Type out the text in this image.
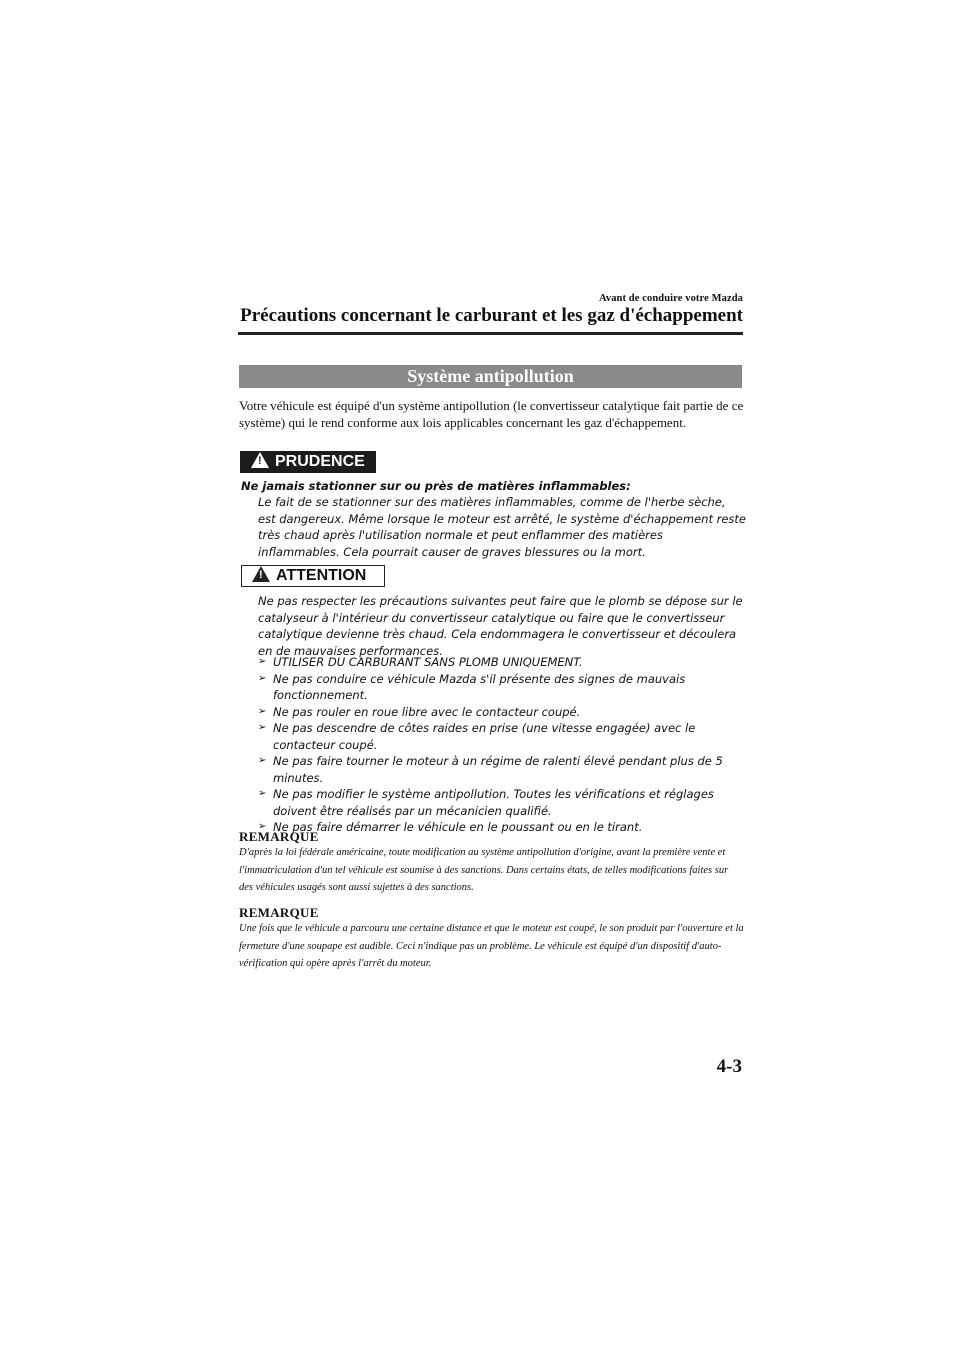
Avant de conduire votre Mazda
Précautions concernant le carburant et les gaz d'échappement
Système antipollution
Votre véhicule est équipé d'un système antipollution (le convertisseur catalytique fait partie de ce système) qui le rend conforme aux lois applicables concernant les gaz d'échappement.
! PRUDENCE
Ne jamais stationner sur ou près de matières inflammables:
Le fait de se stationner sur des matières inflammables, comme de l'herbe sèche, est dangereux. Même lorsque le moteur est arrêté, le système d'échappement reste très chaud après l'utilisation normale et peut enflammer des matières inflammables. Cela pourrait causer de graves blessures ou la mort.
! ATTENTION
Ne pas respecter les précautions suivantes peut faire que le plomb se dépose sur le catalyseur à l'intérieur du convertisseur catalytique ou faire que le convertisseur catalytique devienne très chaud. Cela endommagera le convertisseur et découlera en de mauvaises performances.
➢ UTILISER DU CARBURANT SANS PLOMB UNIQUEMENT.
➢ Ne pas conduire ce véhicule Mazda s'il présente des signes de mauvais fonctionnement.
➢ Ne pas rouler en roue libre avec le contacteur coupé.
➢ Ne pas descendre de côtes raides en prise (une vitesse engagée) avec le contacteur coupé.
➢ Ne pas faire tourner le moteur à un régime de ralenti élevé pendant plus de 5 minutes.
➢ Ne pas modifier le système antipollution. Toutes les vérifications et réglages doivent être réalisés par un mécanicien qualifié.
➢ Ne pas faire démarrer le véhicule en le poussant ou en le tirant.
REMARQUE
D'après la loi fédérale américaine, toute modification au système antipollution d'origine, avant la première vente et l'immatriculation d'un tel véhicule est soumise à des sanctions. Dans certains états, de telles modifications faites sur des véhicules usagés sont aussi sujettes à des sanctions.
REMARQUE
Une fois que le véhicule a parcouru une certaine distance et que le moteur est coupé, le son produit par l'ouverture et la fermeture d'une soupape est audible. Ceci n'indique pas un problème. Le véhicule est équipé d'un dispositif d'auto-vérification qui opère après l'arrêt du moteur.
4-3
